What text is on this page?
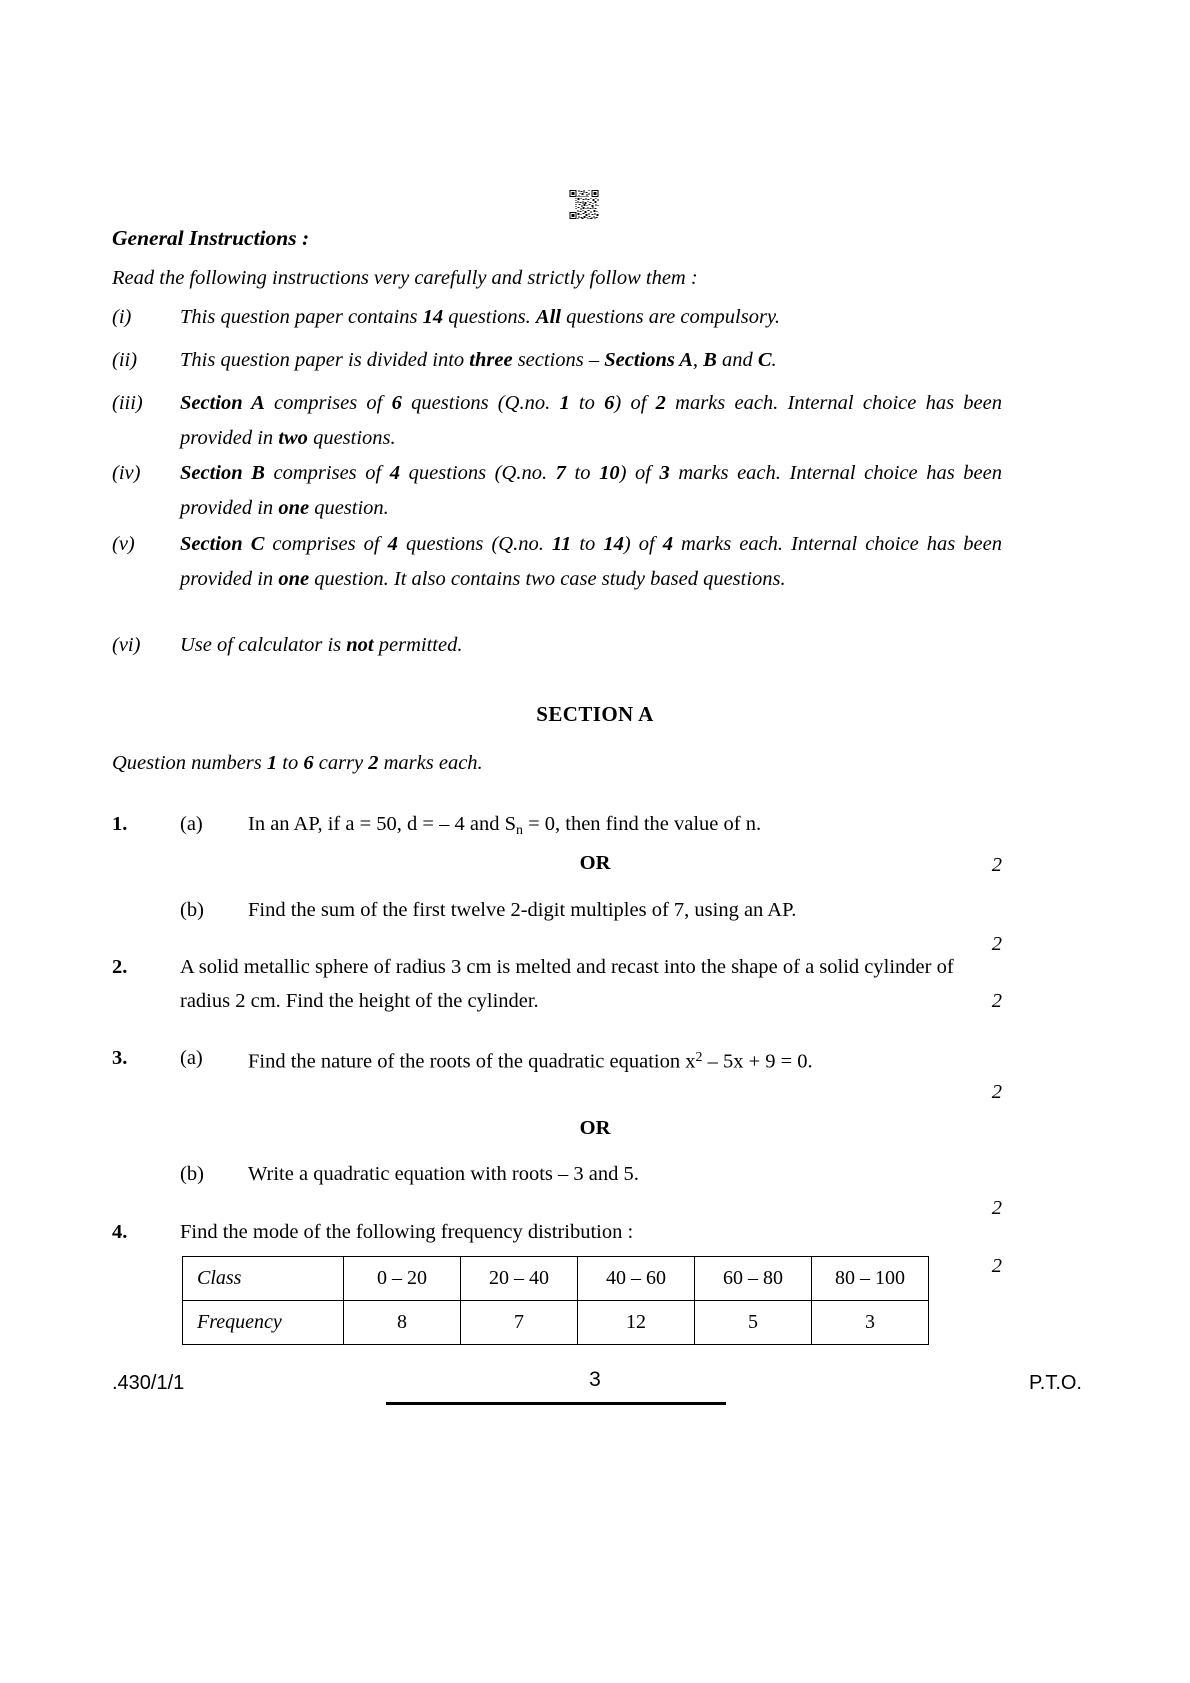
General Instructions :
Read the following instructions very carefully and strictly follow them :
(i)	This question paper contains 14 questions. All questions are compulsory.
(ii)	This question paper is divided into three sections – Sections A, B and C.
(iii)	Section A comprises of 6 questions (Q.no. 1 to 6) of 2 marks each. Internal choice has been provided in two questions.
(iv)	Section B comprises of 4 questions (Q.no. 7 to 10) of 3 marks each. Internal choice has been provided in one question.
(v)	Section C comprises of 4 questions (Q.no. 11 to 14) of 4 marks each. Internal choice has been provided in one question. It also contains two case study based questions.
(vi)	Use of calculator is not permitted.
SECTION A
Question numbers 1 to 6 carry 2 marks each.
1.	(a) In an AP, if a = 50, d = – 4 and $S_n = 0$, then find the value of n.
2
OR
(b) Find the sum of the first twelve 2-digit multiples of 7, using an AP.
2
2.	A solid metallic sphere of radius 3 cm is melted and recast into the shape of a solid cylinder of radius 2 cm. Find the height of the cylinder.	2
3.	(a) Find the nature of the roots of the quadratic equation $x^2 - 5x + 9 = 0$.
2
OR
(b) Write a quadratic equation with roots – 3 and 5.
2
4.	Find the mode of the following frequency distribution :
2
Class	0 – 20	20 – 40	40 – 60	60 – 80	80 – 100
Frequency	8	7	12	5	3
.430/1/1	3	P.T.O.
